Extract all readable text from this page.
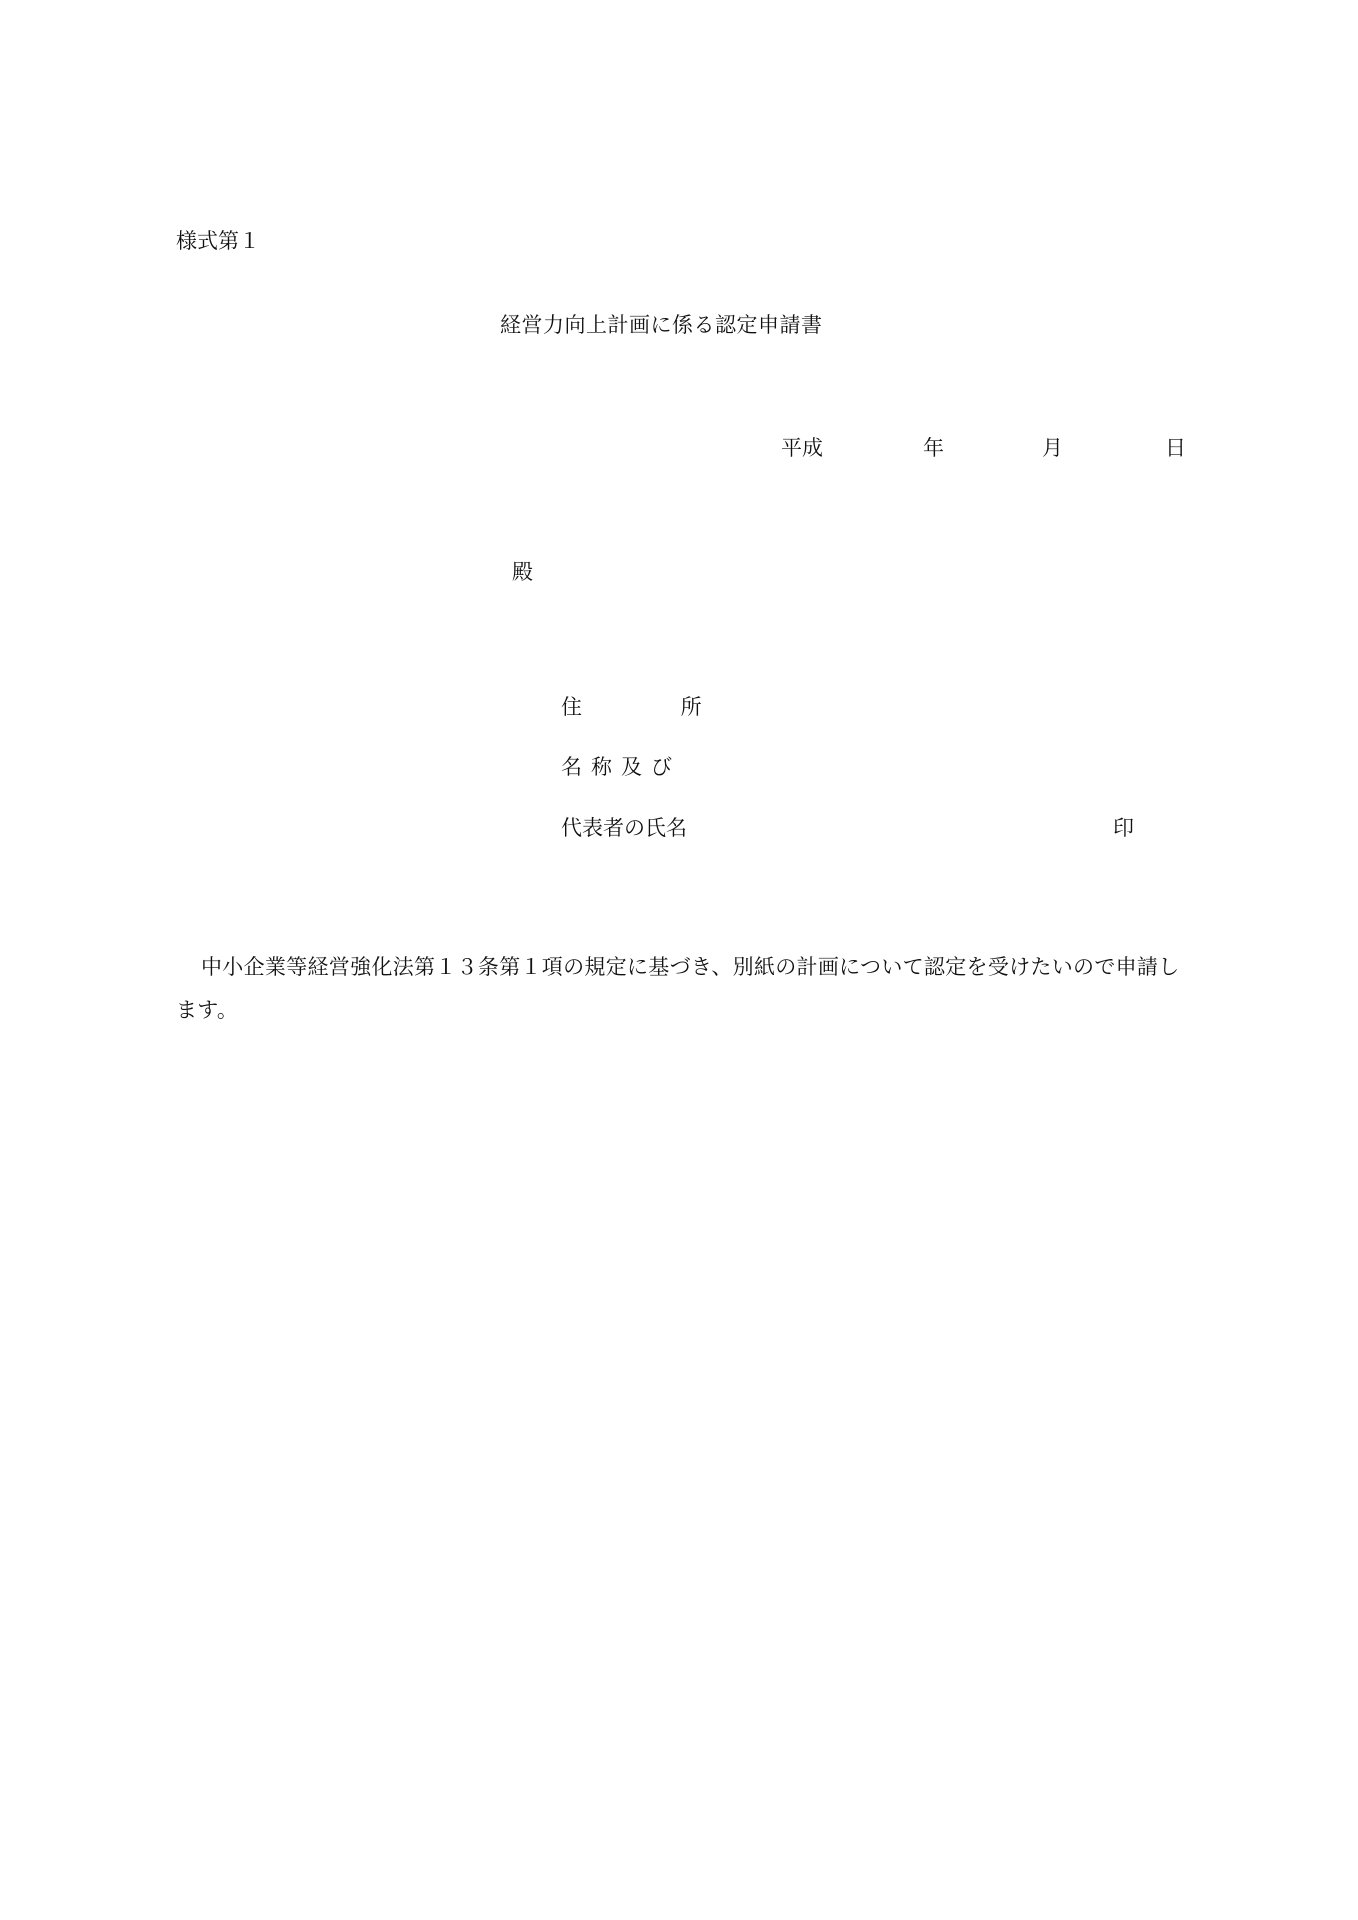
様式第１
経営力向上計画に係る認定申請書
平成	年	月	日
殿
住 所
名称及び
代表者の氏名	印
中小企業等経営強化法第１３条第１項の規定に基づき、別紙の計画について認定を受けたいので申請します。
